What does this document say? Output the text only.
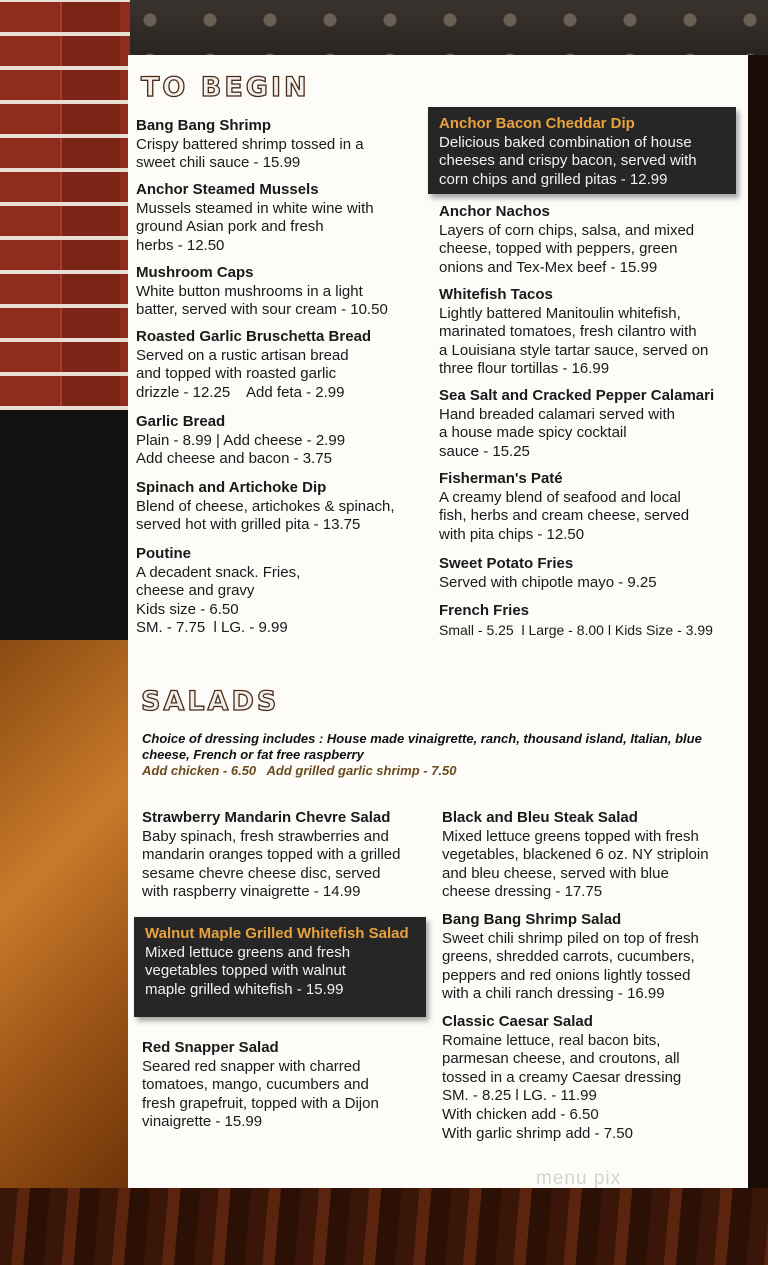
TO BEGIN
Bang Bang Shrimp
Crispy battered shrimp tossed in a
sweet chili sauce - 15.99
Anchor Steamed Mussels
Mussels steamed in white wine with
ground Asian pork and fresh
herbs - 12.50
Mushroom Caps
White button mushrooms in a light
batter, served with sour cream - 10.50
Roasted Garlic Bruschetta Bread
Served on a rustic artisan bread
and topped with roasted garlic
drizzle - 12.25    Add feta - 2.99
Garlic Bread
Plain - 8.99 | Add cheese - 2.99
Add cheese and bacon - 3.75
Spinach and Artichoke Dip
Blend of cheese, artichokes & spinach,
served hot with grilled pita - 13.75
Poutine
A decadent snack. Fries,
cheese and gravy
Kids size - 6.50
SM. - 7.75  l LG. - 9.99
Anchor Bacon Cheddar Dip
Delicious baked combination of house
cheeses and crispy bacon, served with
corn chips and grilled pitas - 12.99
Anchor Nachos
Layers of corn chips, salsa, and mixed
cheese, topped with peppers, green
onions and Tex-Mex beef - 15.99
Whitefish Tacos
Lightly battered Manitoulin whitefish,
marinated tomatoes, fresh cilantro with
a Louisiana style tartar sauce, served on
three flour tortillas - 16.99
Sea Salt and Cracked Pepper Calamari
Hand breaded calamari served with
a house made spicy cocktail
sauce - 15.25
Fisherman's Paté
A creamy blend of seafood and local
fish, herbs and cream cheese, served
with pita chips - 12.50
Sweet Potato Fries
Served with chipotle mayo - 9.25
French Fries
Small - 5.25  l Large - 8.00 l Kids Size - 3.99
SALADS
Choice of dressing includes : House made vinaigrette, ranch, thousand island, Italian, blue cheese, French or fat free raspberry
Add chicken - 6.50   Add grilled garlic shrimp - 7.50
Strawberry Mandarin Chevre Salad
Baby spinach, fresh strawberries and
mandarin oranges topped with a grilled
sesame chevre cheese disc, served
with raspberry vinaigrette - 14.99
Walnut Maple Grilled Whitefish Salad
Mixed lettuce greens and fresh
vegetables topped with walnut
maple grilled whitefish - 15.99
Red Snapper Salad
Seared red snapper with charred
tomatoes, mango, cucumbers and
fresh grapefruit, topped with a Dijon
vinaigrette - 15.99
Black and Bleu Steak Salad
Mixed lettuce greens topped with fresh
vegetables, blackened 6 oz. NY striploin
and bleu cheese, served with blue
cheese dressing - 17.75
Bang Bang Shrimp Salad
Sweet chili shrimp piled on top of fresh
greens, shredded carrots, cucumbers,
peppers and red onions lightly tossed
with a chili ranch dressing - 16.99
Classic Caesar Salad
Romaine lettuce, real bacon bits,
parmesan cheese, and croutons, all
tossed in a creamy Caesar dressing
SM. - 8.25 l LG. - 11.99
With chicken add - 6.50
With garlic shrimp add - 7.50
menu pix
